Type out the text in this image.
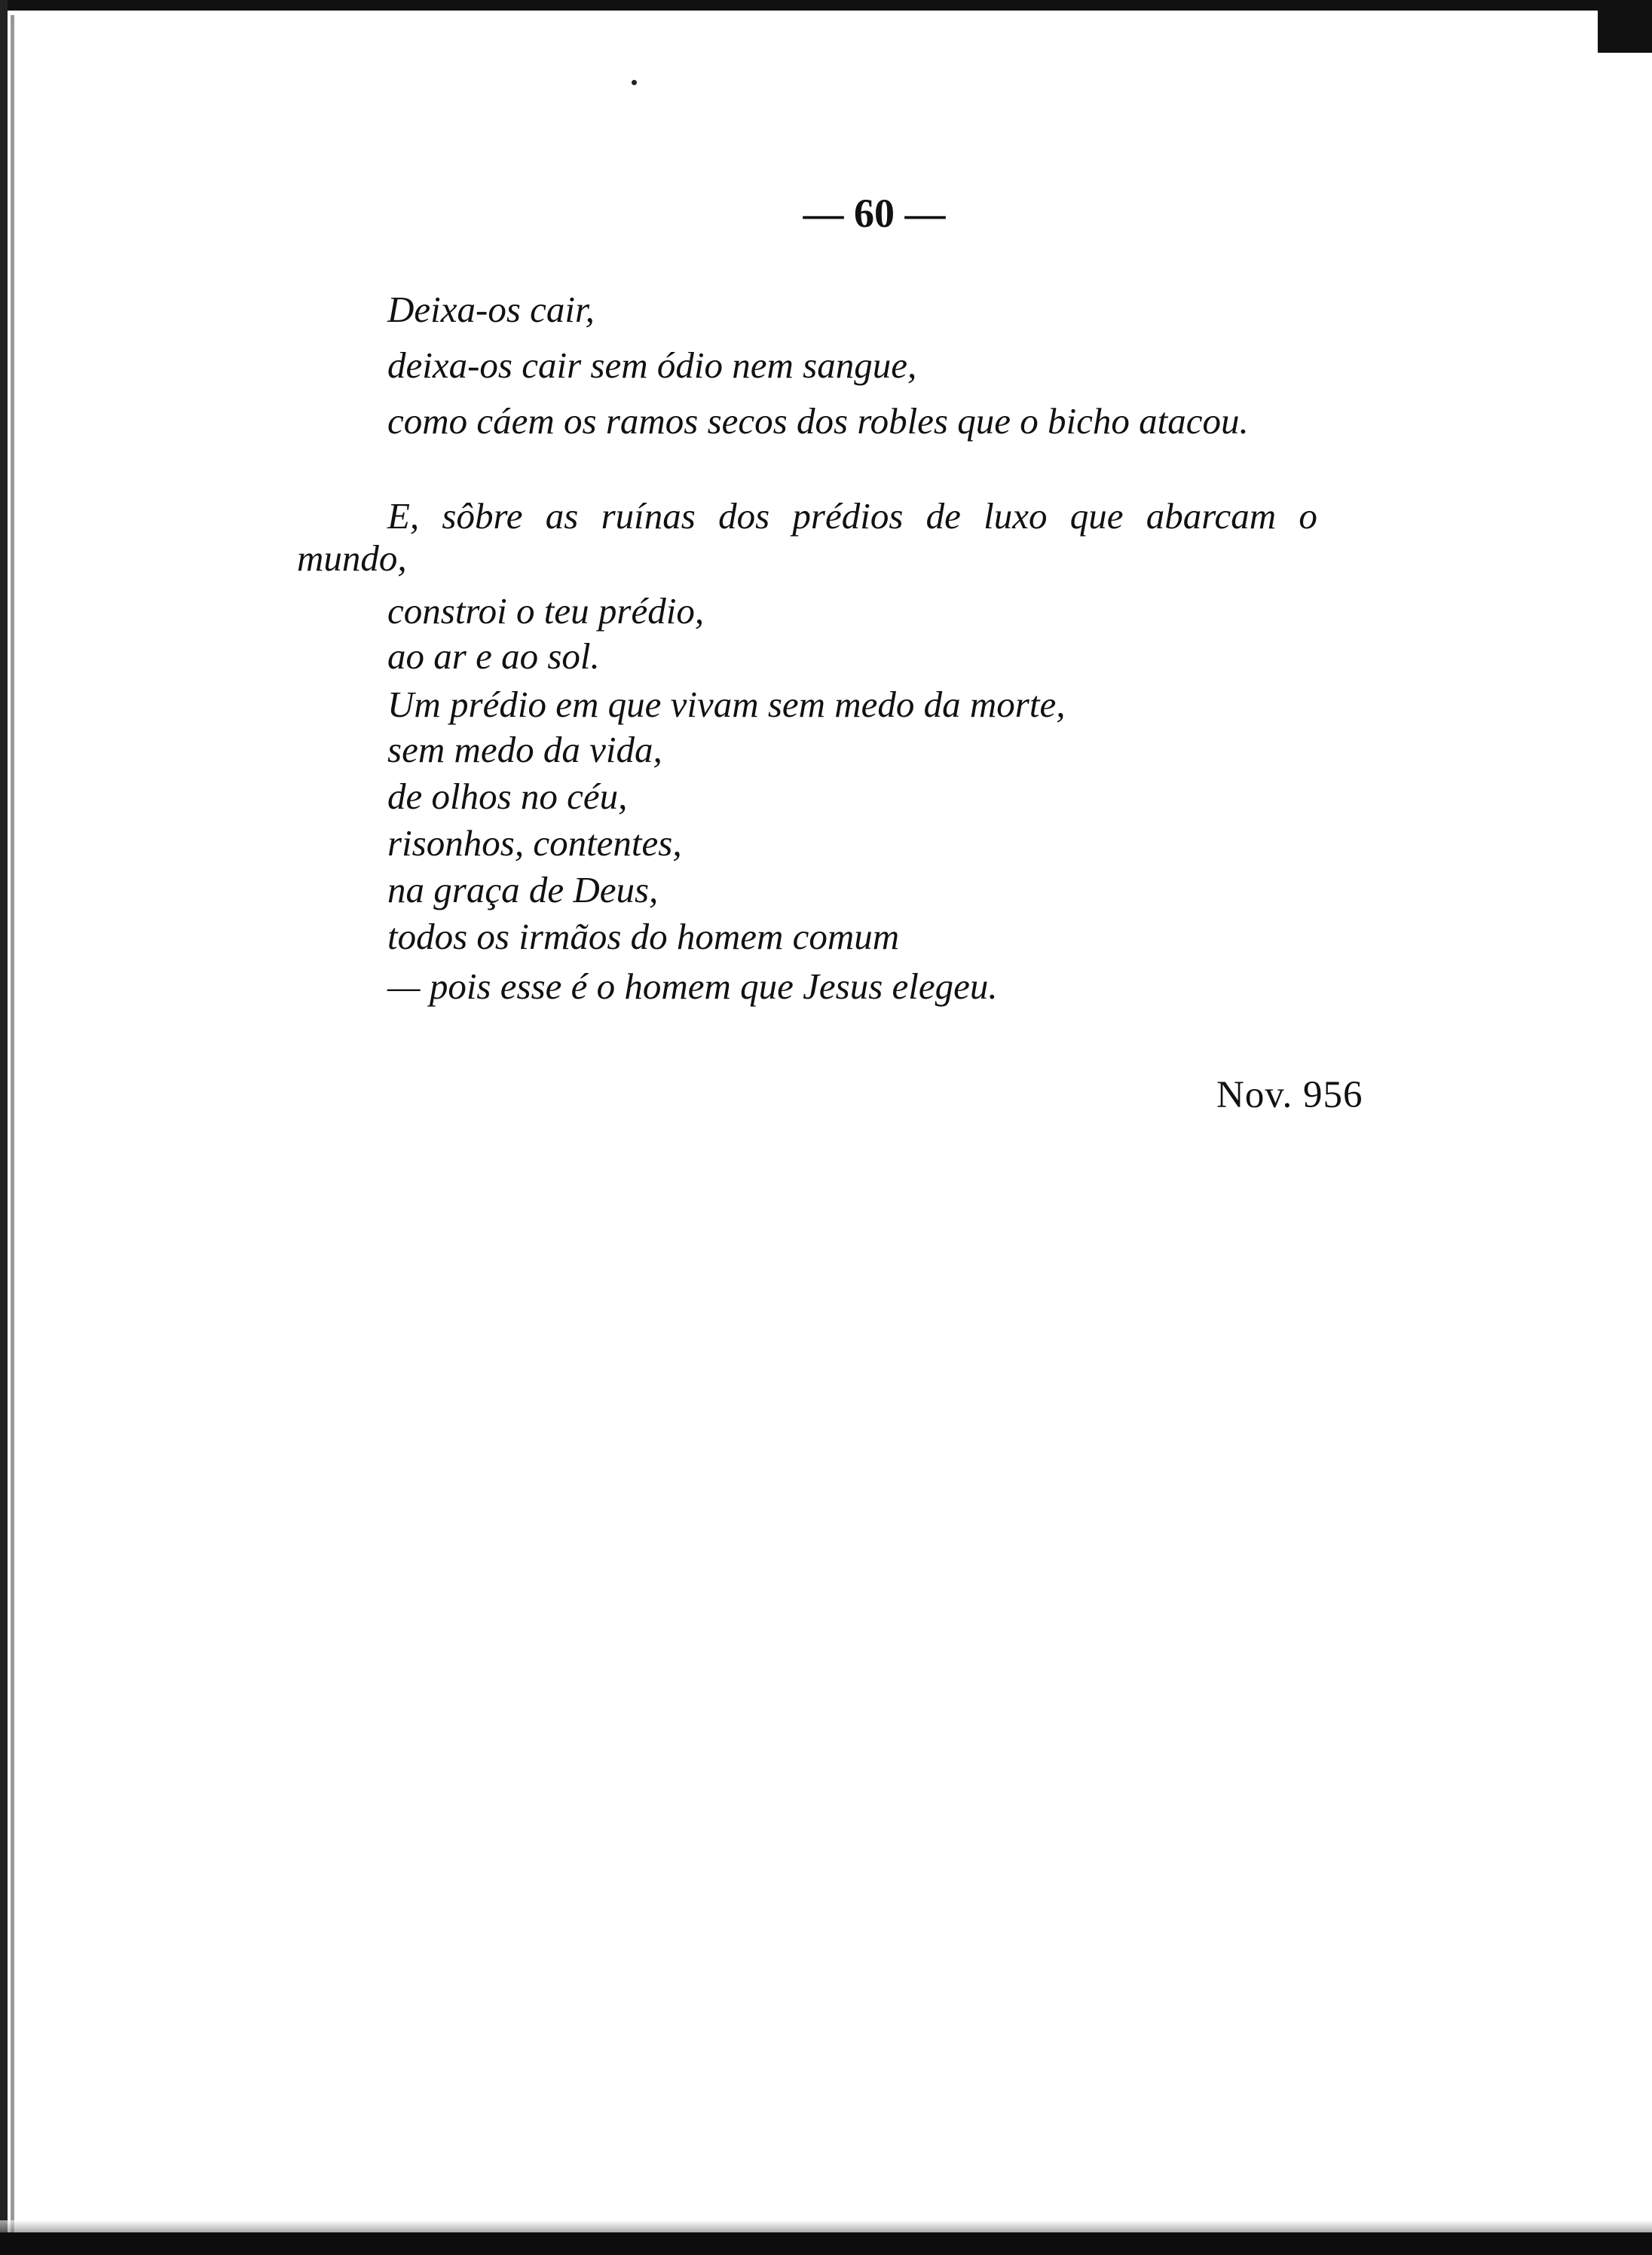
— 60 —
Deixa-os cair,
deixa-os cair sem ódio nem sangue,
como cáem os ramos secos dos robles que o bicho atacou.
E, sôbre as ruínas dos prédios de luxo que abarcam o
mundo,
constroi o teu prédio,
ao ar e ao sol.
Um prédio em que vivam sem medo da morte,
sem medo da vida,
de olhos no céu,
risonhos, contentes,
na graça de Deus,
todos os irmãos do homem comum
— pois esse é o homem que Jesus elegeu.
Nov. 956
